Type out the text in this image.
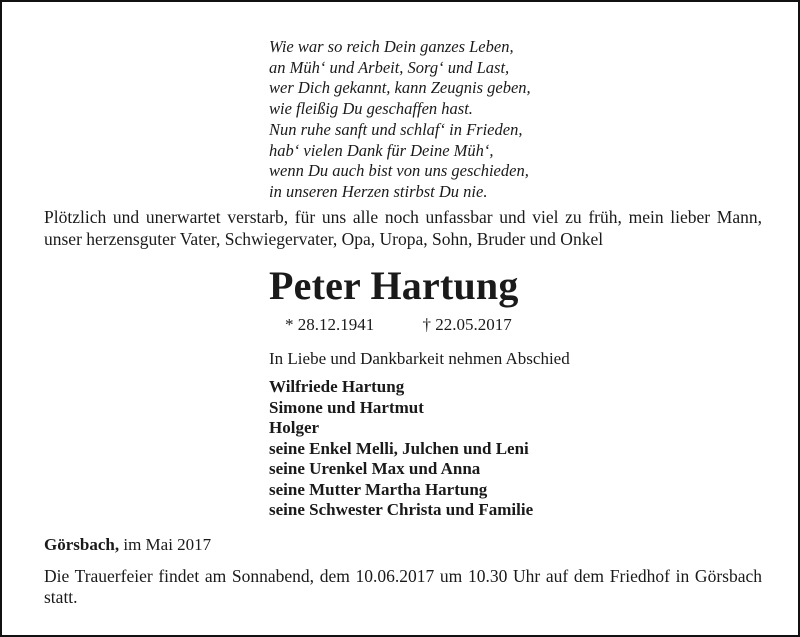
Wie war so reich Dein ganzes Leben,
an Müh‘ und Arbeit, Sorg‘ und Last,
wer Dich gekannt, kann Zeugnis geben,
wie fleißig Du geschaffen hast.
Nun ruhe sanft und schlaf‘ in Frieden,
hab‘ vielen Dank für Deine Müh‘,
wenn Du auch bist von uns geschieden,
in unseren Herzen stirbst Du nie.
Plötzlich und unerwartet verstarb, für uns alle noch unfassbar und viel zu früh, mein lieber Mann, unser herzensguter Vater, Schwiegervater, Opa, Uropa, Sohn, Bruder und Onkel
Peter Hartung
* 28.12.1941	† 22.05.2017
In Liebe und Dankbarkeit nehmen Abschied
Wilfriede Hartung
Simone und Hartmut
Holger
seine Enkel Melli, Julchen und Leni
seine Urenkel Max und Anna
seine Mutter Martha Hartung
seine Schwester Christa und Familie
Görsbach, im Mai 2017
Die Trauerfeier findet am Sonnabend, dem 10.06.2017 um 10.30 Uhr auf dem Friedhof in Görsbach statt.
